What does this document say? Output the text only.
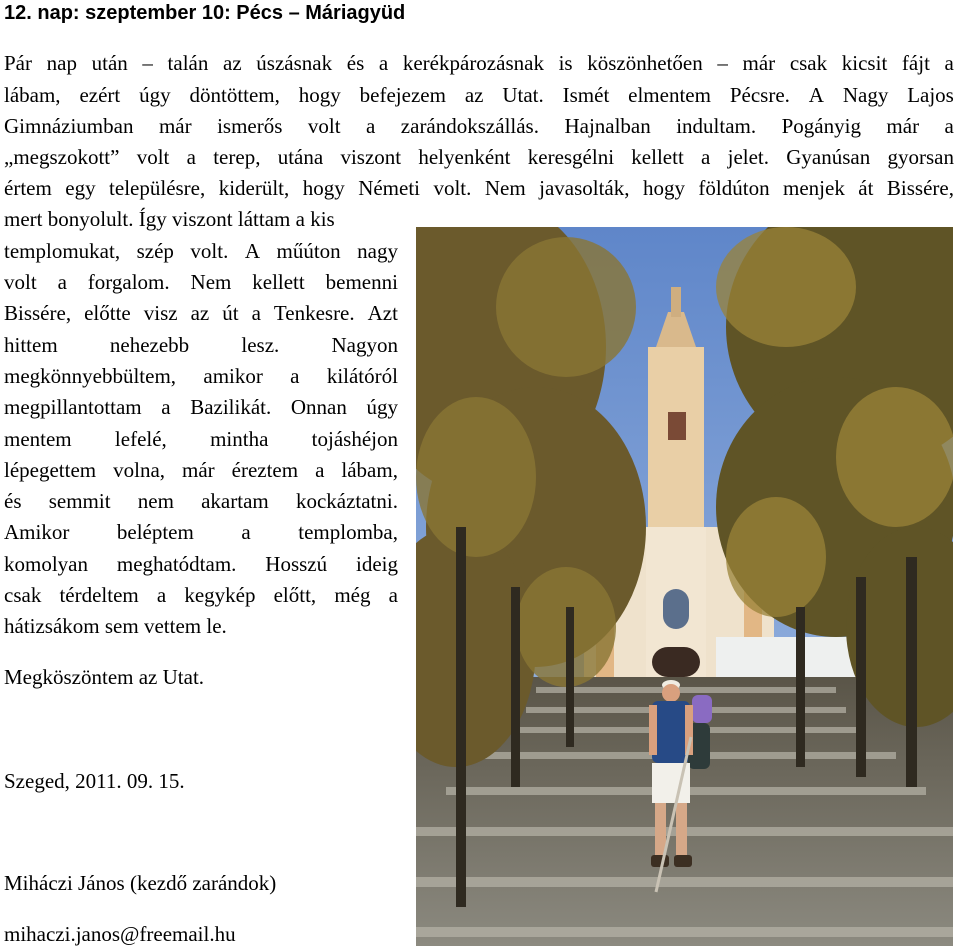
12. nap: szeptember 10: Pécs – Máriagyüd
Pár nap után – talán az úszásnak és a kerékpározásnak is köszönhetően – már csak kicsit fájt a
lábam, ezért úgy döntöttem, hogy befejezem az Utat. Ismét elmentem Pécsre. A Nagy Lajos
Gimnáziumban már ismerős volt a zarándokszállás. Hajnalban indultam. Pogányig már a
„megszokott” volt a terep, utána viszont helyenként keresgélni kellett a jelet. Gyanúsan gyorsan
értem egy településre, kiderült, hogy Németi volt. Nem javasolták, hogy földúton menjek át Bissére,
mert bonyolult. Így viszont láttam a kis
templomukat, szép volt. A műúton nagy
volt a forgalom. Nem kellett bemenni
Bissére, előtte visz az út a Tenkesre. Azt
hittem nehezebb lesz. Nagyon
megkönnyebbültem, amikor a kilátóról
megpillantottam a Bazilikát. Onnan úgy
mentem lefelé, mintha tojáshéjon
lépegettem volna, már éreztem a lábam,
és semmit nem akartam kockáztatni.
Amikor beléptem a templomba,
komolyan meghatódtam. Hosszú ideig
csak térdeltem a kegykép előtt, még a
hátizsákom sem vettem le.
Megköszöntem az Utat.
Szeged, 2011. 09. 15.
Miháczi János (kezdő zarándok)
mihaczi.janos@freemail.hu
